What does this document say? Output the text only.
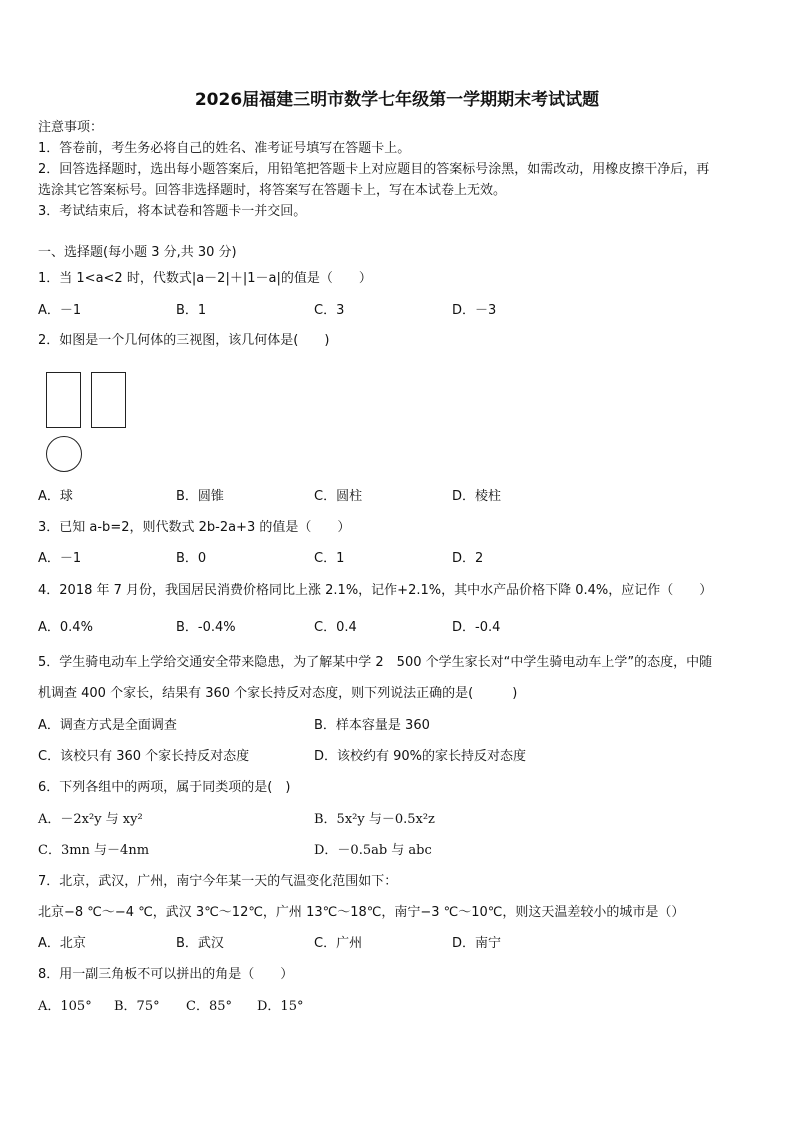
2026届福建三明市数学七年级第一学期期末考试试题
注意事项：
1．答卷前，考生务必将自己的姓名、准考证号填写在答题卡上。
2．回答选择题时，选出每小题答案后，用铅笔把答题卡上对应题目的答案标号涂黑，如需改动，用橡皮擦干净后，再
选涂其它答案标号。回答非选择题时，将答案写在答题卡上，写在本试卷上无效。
3．考试结束后，将本试卷和答题卡一并交回。
一、选择题(每小题 3 分,共 30 分)
1．当 1<a<2 时，代数式|a－2|＋|1－a|的值是（　　）
A．－1	B．1	C．3	D．－3
2．如图是一个几何体的三视图，该几何体是(　　)
A．球	B．圆锥	C．圆柱	D．棱柱
3．已知 a-b=2，则代数式 2b-2a+3 的值是（　　）
A．－1	B．0	C．1	D．2
4．2018 年 7 月份，我国居民消费价格同比上涨 2.1%，记作+2.1%，其中水产品价格下降 0.4%，应记作（　　）
A．0.4%	B．-0.4%	C．0.4	D．-0.4
5．学生骑电动车上学给交通安全带来隐患，为了解某中学 2　500 个学生家长对“中学生骑电动车上学”的态度，中随
机调查 400 个家长，结果有 360 个家长持反对态度，则下列说法正确的是(　　　)
A．调查方式是全面调查	B．样本容量是 360
C．该校只有 360 个家长持反对态度	D．该校约有 90%的家长持反对态度
6．下列各组中的两项，属于同类项的是(　)
A．－2x²y 与 xy²	B．5x²y 与－0.5x²z
C．3mn 与－4nm	D．－0.5ab 与 abc
7．北京，武汉，广州，南宁今年某一天的气温变化范围如下：
北京−8 ℃～−4 ℃，武汉 3℃～12℃，广州 13℃～18℃，南宁−3 ℃～10℃，则这天温差较小的城市是（）
A．北京	B．武汉	C．广州	D．南宁
8．用一副三角板不可以拼出的角是（　　）
A．105° B．75° C．85° D．15°
